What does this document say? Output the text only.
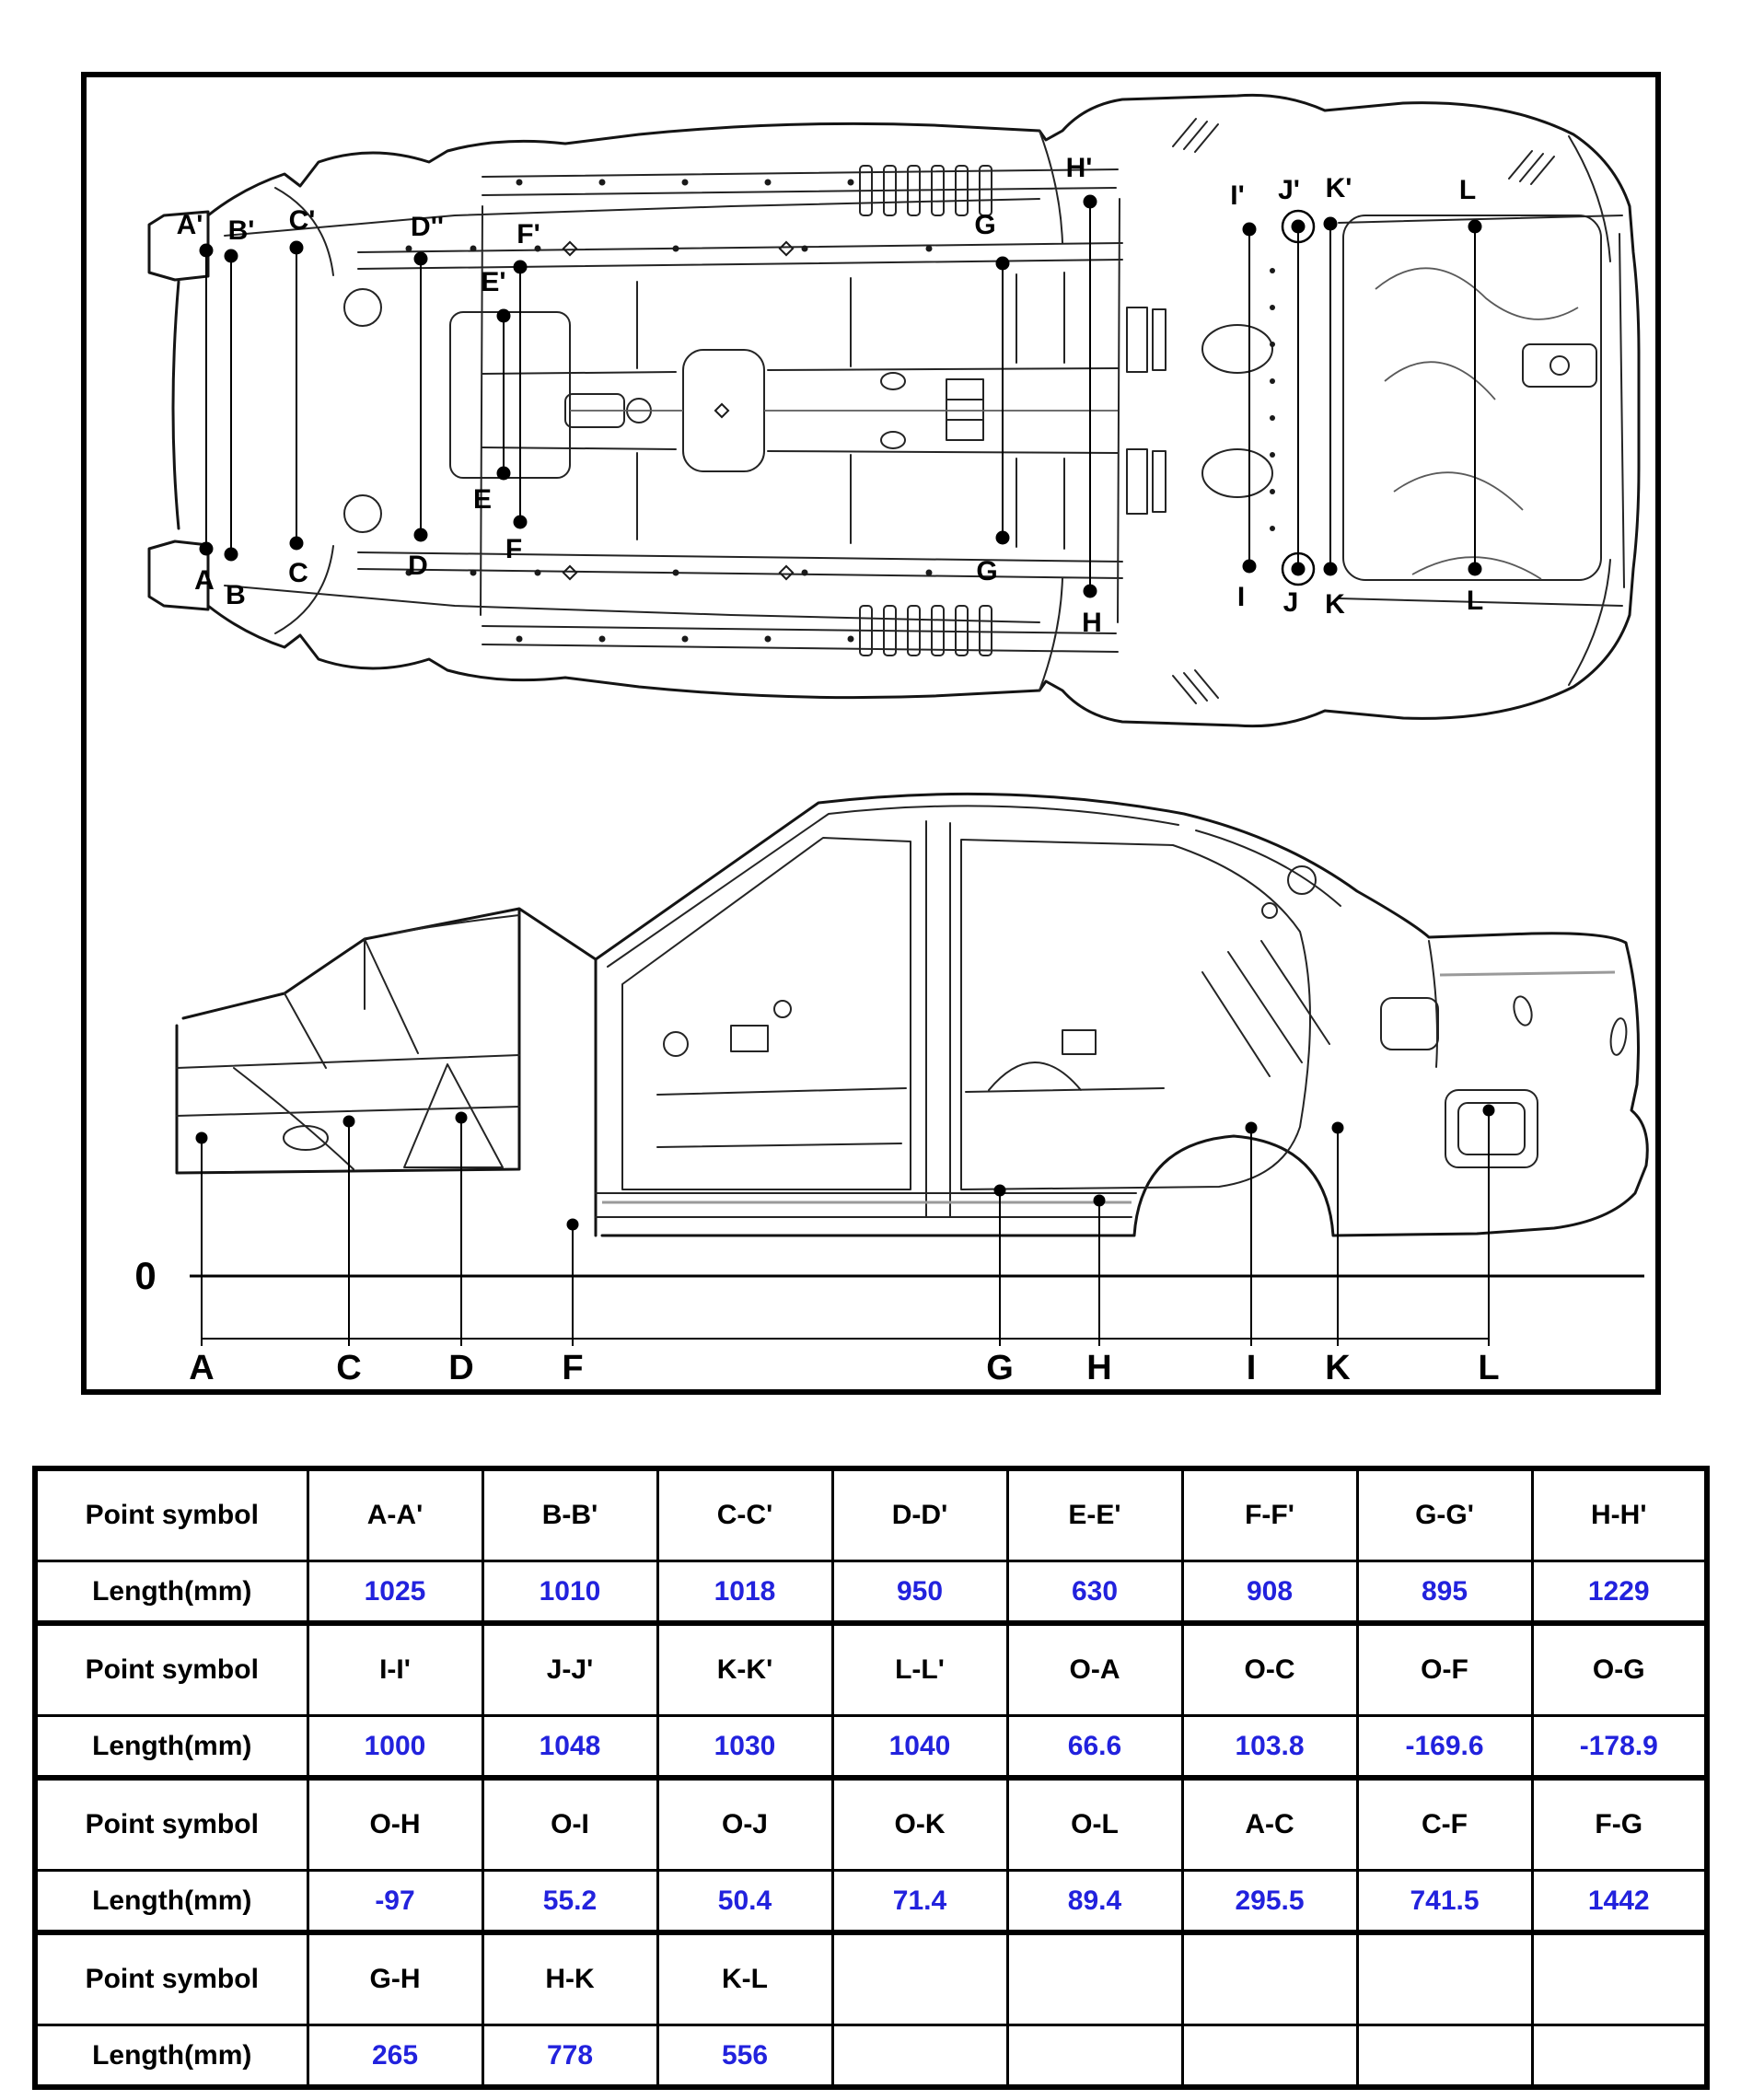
A'
A
B'
B
C'
C
D''
D
E'
E
F'
F
G
G
H'
H
I'
I
J'
J
K'
K
L
L
0
A	C D	F	G H	I K	L
Point symbol	A-A'	B-B'	C-C'	D-D'	E-E'	F-F'	G-G'	H-H'
Length(mm)	1025	1010	1018	950	630	908	895	1229
Point symbol	I-I'	J-J'	K-K'	L-L'	O-A	O-C	O-F	O-G
Length(mm)	1000	1048	1030	1040	66.6	103.8	-169.6	-178.9
Point symbol	O-H	O-I	O-J	O-K	O-L	A-C	C-F	F-G
Length(mm)	-97	55.2	50.4	71.4	89.4	295.5	741.5	1442
Point symbol	G-H	H-K	K-L					
Length(mm)	265	778	556					
